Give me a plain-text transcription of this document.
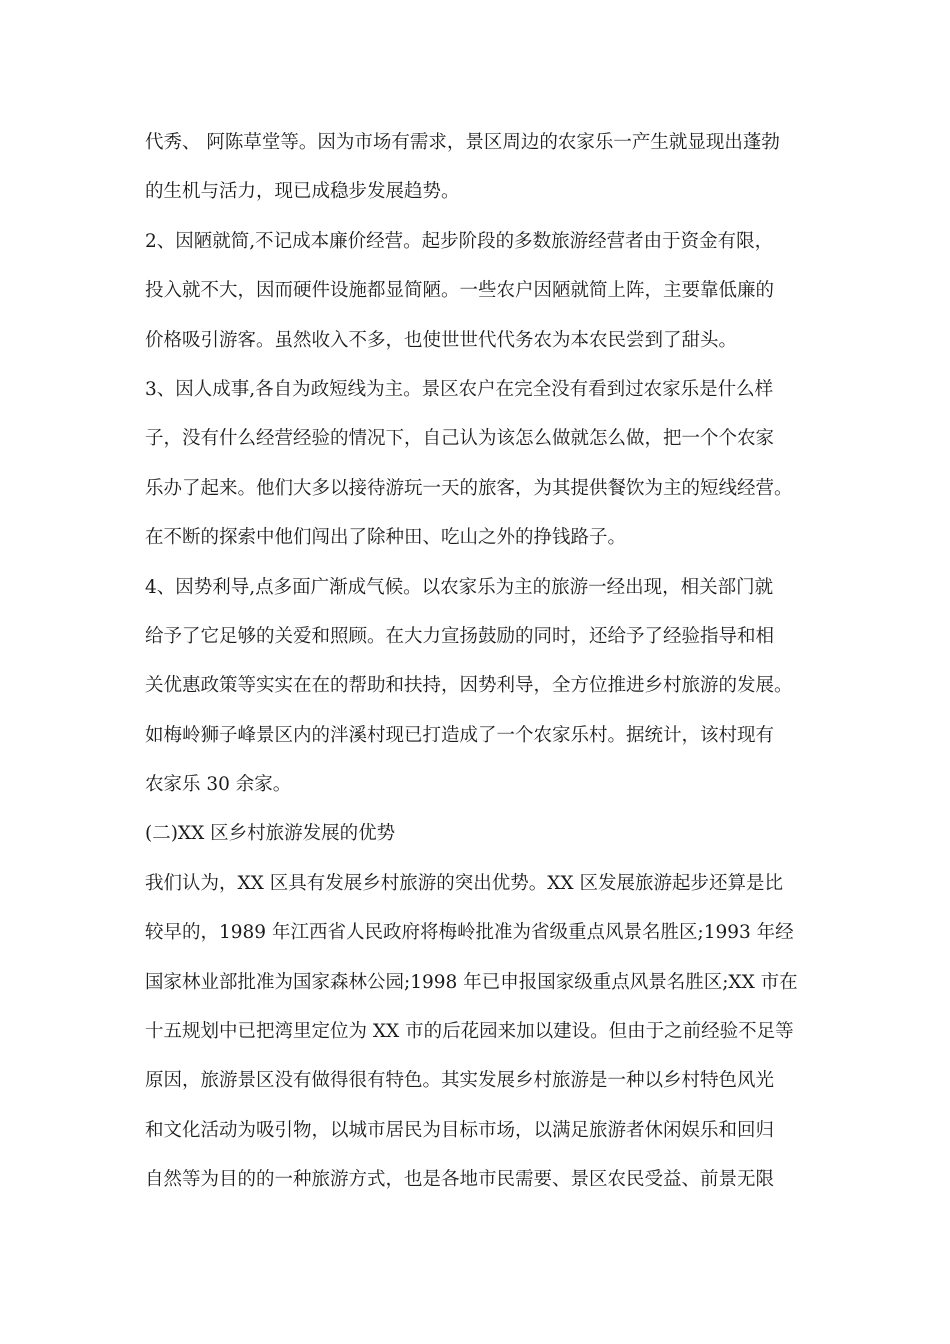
代秀、 阿陈草堂等。因为市场有需求，景区周边的农家乐一产生就显现出蓬勃
的生机与活力，现已成稳步发展趋势。
2、因陋就简,不记成本廉价经营。起步阶段的多数旅游经营者由于资金有限，
投入就不大，因而硬件设施都显简陋。一些农户因陋就简上阵，主要靠低廉的
价格吸引游客。虽然收入不多，也使世世代代务农为本农民尝到了甜头。
3、因人成事,各自为政短线为主。景区农户在完全没有看到过农家乐是什么样
子，没有什么经营经验的情况下，自己认为该怎么做就怎么做，把一个个农家
乐办了起来。他们大多以接待游玩一天的旅客，为其提供餐饮为主的短线经营。
在不断的探索中他们闯出了除种田、吃山之外的挣钱路子。
4、因势利导,点多面广渐成气候。以农家乐为主的旅游一经出现，相关部门就
给予了它足够的关爱和照顾。在大力宣扬鼓励的同时，还给予了经验指导和相
关优惠政策等实实在在的帮助和扶持，因势利导，全方位推进乡村旅游的发展。
如梅岭狮子峰景区内的泮溪村现已打造成了一个农家乐村。据统计，该村现有
农家乐 30 余家。
(二)XX 区乡村旅游发展的优势
我们认为，XX 区具有发展乡村旅游的突出优势。XX 区发展旅游起步还算是比
较早的，1989 年江西省人民政府将梅岭批准为省级重点风景名胜区;1993 年经
国家林业部批准为国家森林公园;1998 年已申报国家级重点风景名胜区;XX 市在
十五规划中已把湾里定位为 XX 市的后花园来加以建设。但由于之前经验不足等
原因，旅游景区没有做得很有特色。其实发展乡村旅游是一种以乡村特色风光
和文化活动为吸引物，以城市居民为目标市场，以满足旅游者休闲娱乐和回归
自然等为目的的一种旅游方式，也是各地市民需要、景区农民受益、前景无限
